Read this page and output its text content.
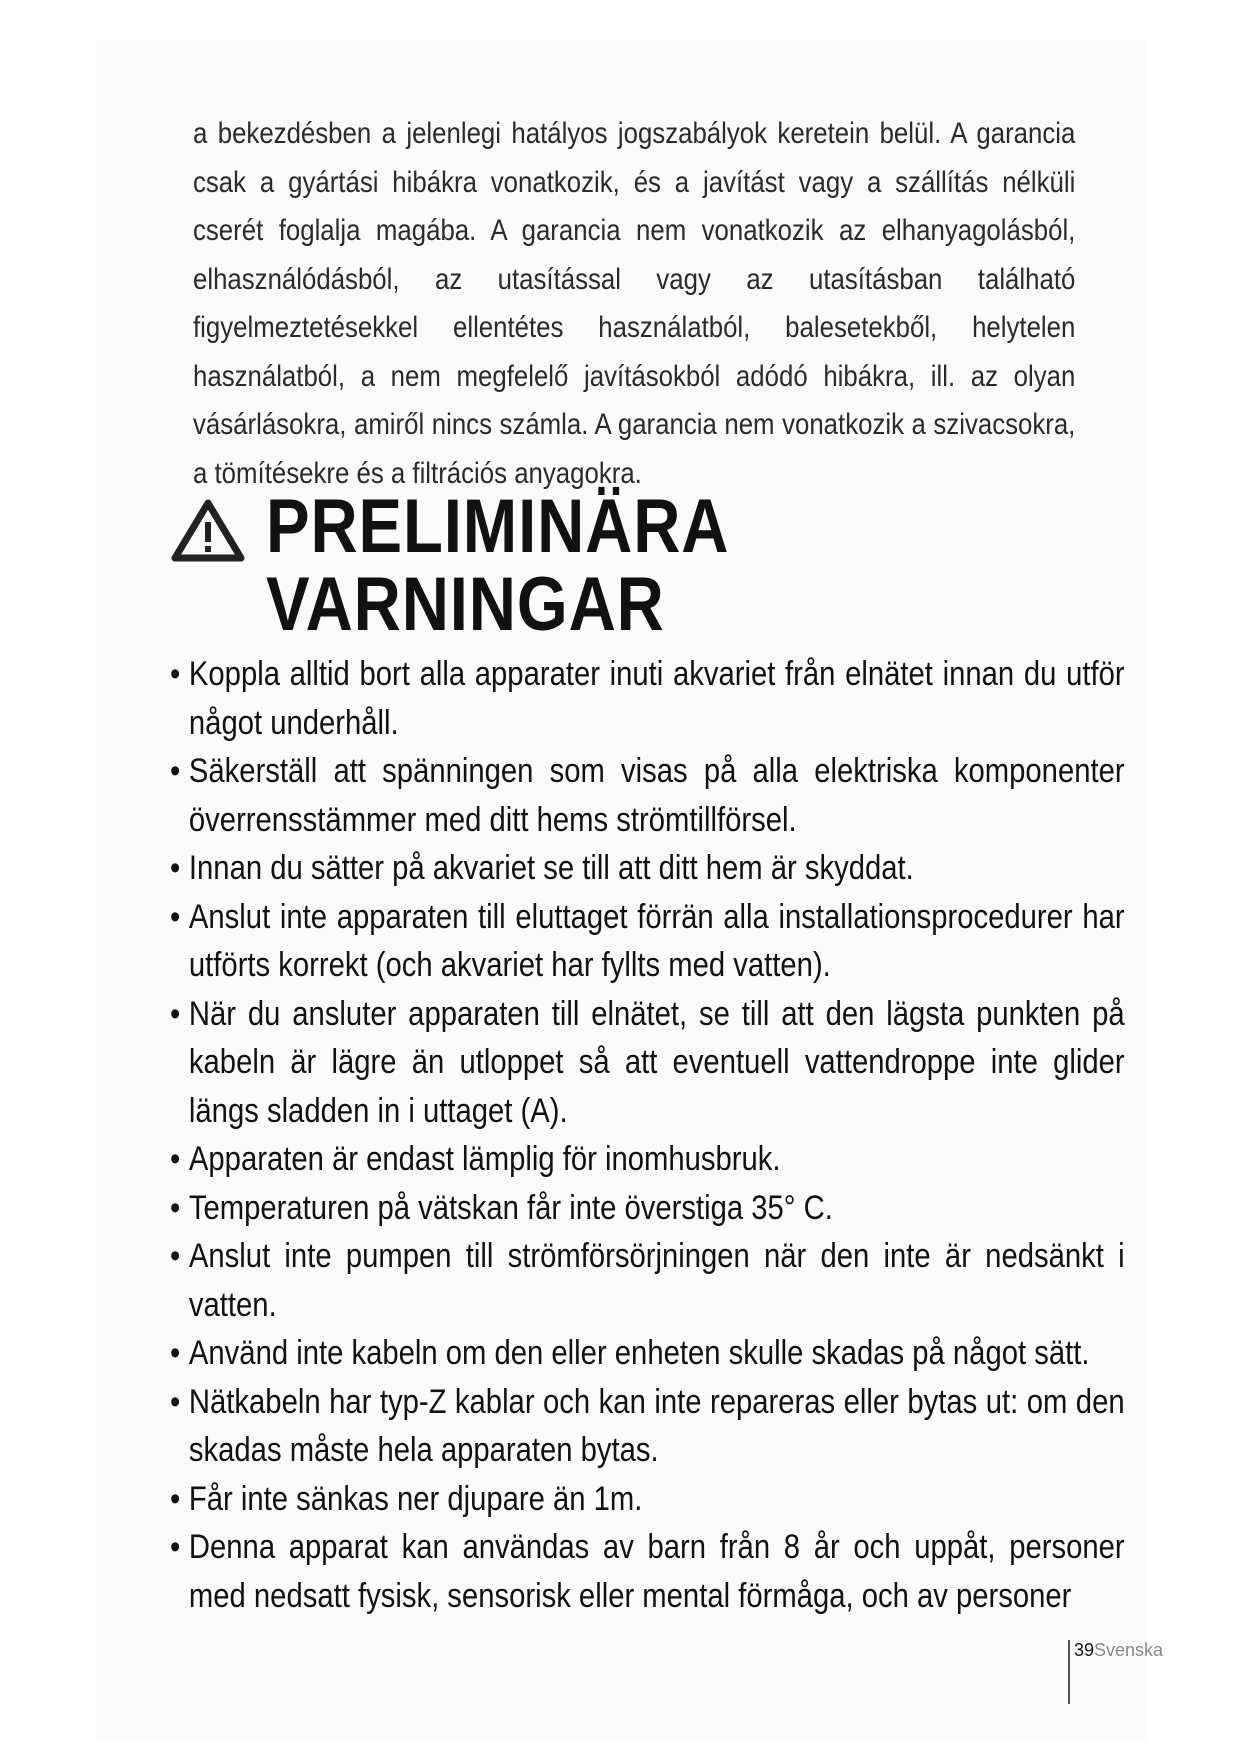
a bekezdésben a jelenlegi hatályos jogszabályok keretein belül. A garancia csak a gyártási hibákra vonatkozik, és a javítást vagy a szállítás nélküli cserét foglalja magába. A garancia nem vonatkozik az elhanyagolásból, elhasználódásból, az utasítással vagy az utasításban található figyelmeztetésekkel ellentétes használatból, balesetekből, helytelen használatból, a nem megfelelő javításokból adódó hibákra, ill. az olyan vásárlásokra, amiről nincs számla. A garancia nem vonatkozik a szivacsokra, a tömítésekre és a filtrációs anyagokra.

PRELIMINÄRA
VARNINGAR
• Koppla alltid bort alla apparater inuti akvariet från elnätet innan du utför något underhåll.
• Säkerställ att spänningen som visas på alla elektriska komponenter överrensstämmer med ditt hems strömtillförsel.
• Innan du sätter på akvariet se till att ditt hem är skyddat.
• Anslut inte apparaten till eluttaget förrän alla installationsprocedurer har utförts korrekt (och akvariet har fyllts med vatten).
• När du ansluter apparaten till elnätet, se till att den lägsta punkten på kabeln är lägre än utloppet så att eventuell vattendroppe inte glider längs sladden in i uttaget (A).
• Apparaten är endast lämplig för inomhusbruk.
• Temperaturen på vätskan får inte överstiga 35° C.
• Anslut inte pumpen till strömförsörjningen när den inte är nedsänkt i vatten.
• Använd inte kabeln om den eller enheten skulle skadas på något sätt.
• Nätkabeln har typ-Z kablar och kan inte repareras eller bytas ut: om den skadas måste hela apparaten bytas.
• Får inte sänkas ner djupare än 1m.
• Denna apparat kan användas av barn från 8 år och uppåt, personer med nedsatt fysisk, sensorisk eller mental förmåga, och av personer
39Svenska
